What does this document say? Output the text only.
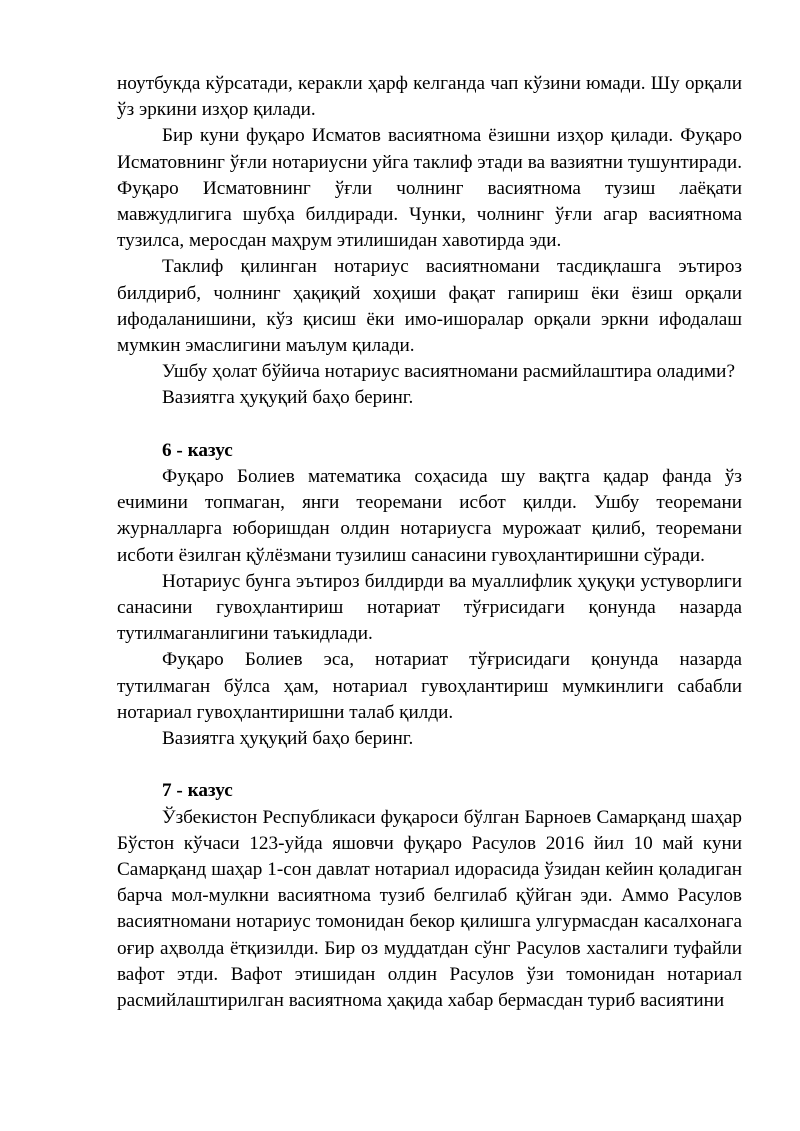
ноутбукда кўрсатади, керакли ҳарф келганда чап кўзини юмади. Шу орқали ўз эркини изҳор қилади.

Бир куни фуқаро Исматов васиятнома ёзишни изҳор қилади. Фуқаро Исматовнинг ўғли нотариусни уйга таклиф этади ва вазиятни тушунтиради. Фуқаро Исматовнинг ўғли чолнинг васиятнома тузиш лаёқати мавжудлигига шубҳа билдиради. Чунки, чолнинг ўғли агар васиятнома тузилса, меросдан маҳрум этилишидан хавотирда эди.

Таклиф қилинган нотариус васиятномани тасдиқлашга эътироз билдириб, чолнинг ҳақиқий хоҳиши фақат гапириш ёки ёзиш орқали ифодаланишини, кўз қисиш ёки имо-ишоралар орқали эркни ифодалаш мумкин эмаслигини маълум қилади.

Ушбу ҳолат бўйича нотариус васиятномани расмийлаштира оладими?

Вазиятга ҳуқуқий баҳо беринг.

6 - казус

Фуқаро Болиев математика соҳасида шу вақтга қадар фанда ўз ечимини топмаган, янги теоремани исбот қилди. Ушбу теоремани журналларга юборишдан олдин нотариусга мурожаат қилиб, теоремани исботи ёзилган қўлёзмани тузилиш санасини гувоҳлантиришни сўради.

Нотариус бунга эътироз билдирди ва муаллифлик ҳуқуқи устуворлиги санасини гувоҳлантириш нотариат тўғрисидаги қонунда назарда тутилмаганлигини таъкидлади.

Фуқаро Болиев эса, нотариат тўғрисидаги қонунда назарда тутилмаган бўлса ҳам, нотариал гувоҳлантириш мумкинлиги сабабли нотариал гувоҳлантиришни талаб қилди.

Вазиятга ҳуқуқий баҳо беринг.

7 - казус

Ўзбекистон Республикаси фуқароси бўлган Барноев Самарқанд шаҳар Бўстон кўчаси 123-уйда яшовчи фуқаро Расулов 2016 йил 10 май куни Самарқанд шаҳар 1-сон давлат нотариал идорасида ўзидан кейин қоладиган барча мол-мулкни васиятнома тузиб белгилаб қўйган эди. Аммо Расулов васиятномани нотариус томонидан бекор қилишга улгурмасдан касалхонага оғир аҳволда ётқизилди. Бир оз муддатдан сўнг Расулов хасталиги туфайли вафот этди. Вафот этишидан олдин Расулов ўзи томонидан нотариал расмийлаштирилган васиятнома ҳақида хабар бермасдан туриб васиятини
